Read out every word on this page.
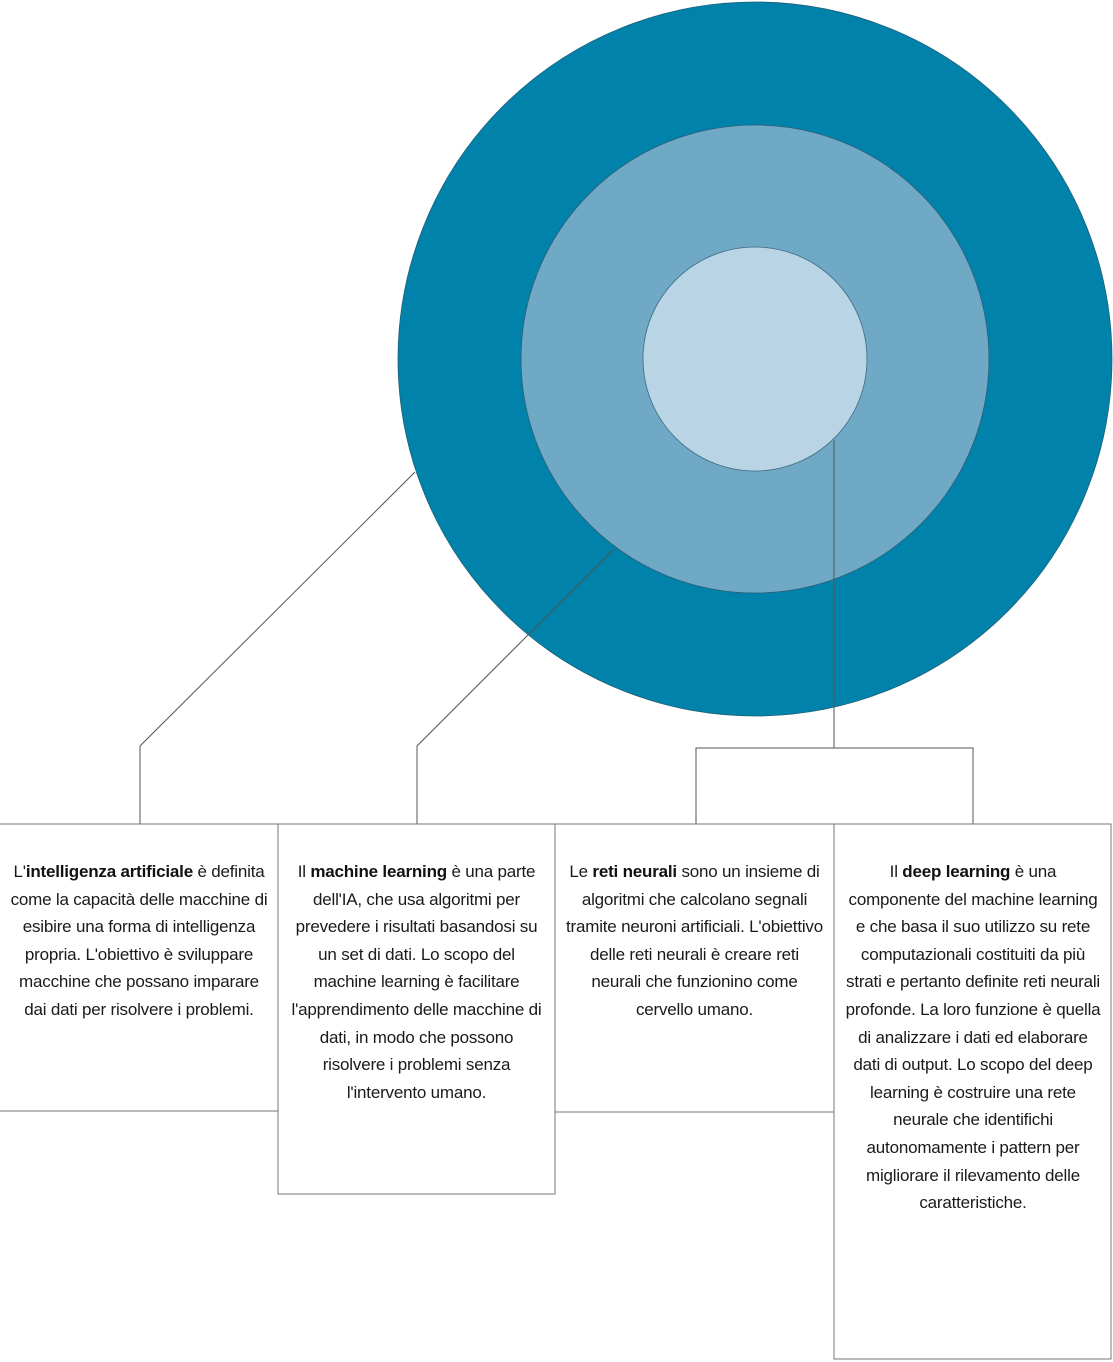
L'intelligenza artificiale è definita come la capacità delle macchine di esibire una forma di intelligenza propria. L'obiettivo è sviluppare macchine che possano imparare dai dati per risolvere i problemi.
Il machine learning è una parte dell'IA, che usa algoritmi per prevedere i risultati basandosi su un set di dati. Lo scopo del machine learning è facilitare l'apprendimento delle macchine di dati, in modo che possono risolvere i problemi senza l'intervento umano.
Le reti neurali sono un insieme di algoritmi che calcolano segnali tramite neuroni artificiali. L'obiettivo delle reti neurali è creare reti neurali che funzionino come cervello umano.
Il deep learning è una componente del machine learning e che basa il suo utilizzo su rete computazionali costituiti da più strati e pertanto definite reti neurali profonde. La loro funzione è quella di analizzare i dati ed elaborare dati di output. Lo scopo del deep learning è costruire una rete neurale che identifichi autonomamente i pattern per migliorare il rilevamento delle caratteristiche.
